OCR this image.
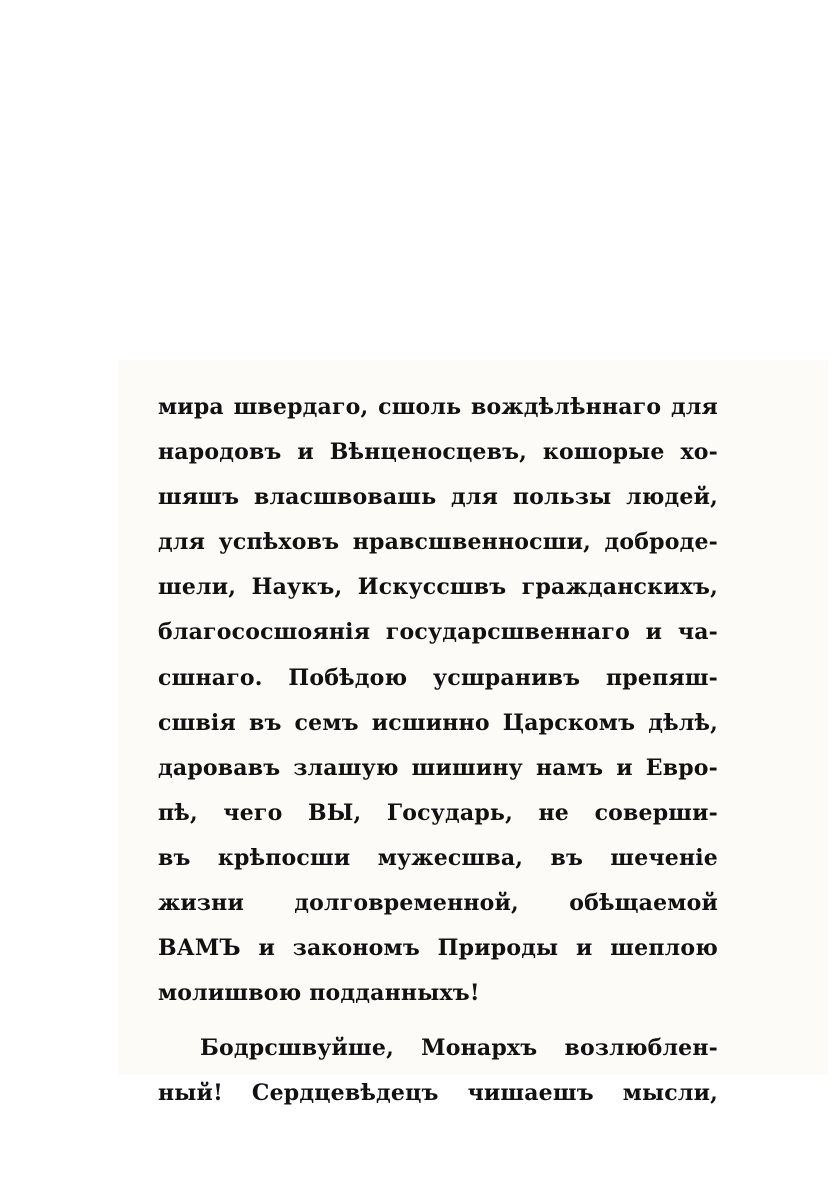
мира швердаго, сшоль вождѣлѣннаго для
народовъ и Вѣнценосцевъ, кошорые хо-
шяшъ власшвовашь для пользы людей,
для успѣховъ нравсшвенносши, доброде-
шели, Наукъ, Искуссшвъ гражданскихъ,
благососшоянія государсшвеннаго и ча-
сшнаго. Побѣдою усшранивъ препяш-
сшвія въ семъ исшинно Царскомъ дѣлѣ,
даровавъ злашую шишину намъ и Евро-
пѣ, чего ВЫ, Государь, не соверши-
въ крѣпосши мужесшва, въ шеченіе
жизни долговременной, обѣщаемой
ВАМЪ и закономъ Природы и шеплою
молишвою подданныхъ!
Бодрсшвуйше, Монархъ возлюблен-
ный! Сердцевѣдецъ чишаешъ мысли,
